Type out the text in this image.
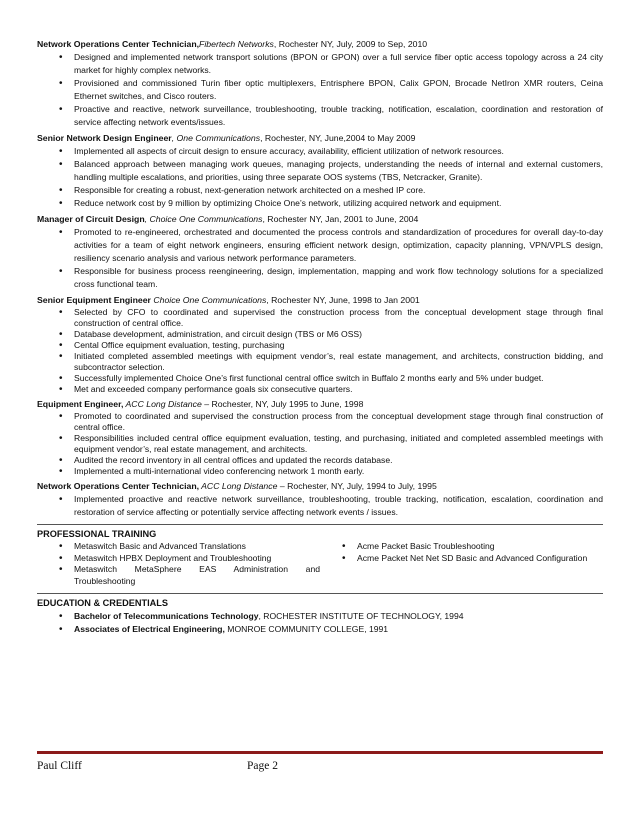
Network Operations Center Technician,Fibertech Networks, Rochester NY, July, 2009 to Sep, 2010

• Designed and implemented network transport solutions (BPON or GPON) over a full service fiber optic access topology across a 24 city market for highly complex networks.
• Provisioned and commissioned Turin fiber optic multiplexers, Entrisphere BPON, Calix GPON, Brocade NetIron XMR routers, Ceina Ethernet switches, and Cisco routers.
• Proactive and reactive, network surveillance, troubleshooting, trouble tracking, notification, escalation, coordination and restoration of service affecting network events/issues.

Senior Network Design Engineer, One Communications, Rochester, NY, June,2004 to May 2009

• Implemented all aspects of circuit design to ensure accuracy, availability, efficient utilization of network resources.
• Balanced approach between managing work queues, managing projects, understanding the needs of internal and external customers, handling multiple escalations, and priorities, using three separate OOS systems (TBS, Netcracker, Granite).
• Responsible for creating a robust, next-generation network architected on a meshed IP core.
• Reduce network cost by 9 million by optimizing Choice One’s network, utilizing acquired network and equipment.

Manager of Circuit Design, Choice One Communications, Rochester NY, Jan, 2001 to June, 2004

• Promoted to re-engineered, orchestrated and documented the process controls and standardization of procedures for overall day-to-day activities for a team of eight network engineers, ensuring efficient network design, optimization, capacity planning, VPN/VPLS design, resiliency scenario analysis and various network performance parameters.
• Responsible for business process reengineering, design, implementation, mapping and work flow technology solutions for a specialized cross functional team.

Senior Equipment Engineer Choice One Communications, Rochester NY, June, 1998 to Jan 2001

• Selected by CFO to coordinated and supervised the construction process from the conceptual development stage through final construction of central office.
• Database development, administration, and circuit design (TBS or M6 OSS)
• Cental Office equipment evaluation, testing, purchasing
• Initiated completed assembled meetings with equipment vendor’s, real estate management, and architects, construction bidding, and subcontractor selection.
• Successfully implemented Choice One’s first functional central office switch in Buffalo 2 months early and 5% under budget.
• Met and exceeded company performance goals six consecutive quarters.

Equipment Engineer, ACC Long Distance – Rochester, NY, July 1995 to June, 1998

• Promoted to coordinated and supervised the construction process from the conceptual development stage through final construction of central office.
• Responsibilities included central office equipment evaluation, testing, and purchasing, initiated and completed assembled meetings with equipment vendor’s, real estate management, and architects.
• Audited the record inventory in all central offices and updated the records database.
• Implemented a multi-international video conferencing network 1 month early.

Network Operations Center Technician, ACC Long Distance – Rochester, NY, July, 1994 to July, 1995

• Implemented proactive and reactive network surveillance, troubleshooting, trouble tracking, notification, escalation, coordination and restoration of service affecting or potentially service affecting network events / issues.
PROFESSIONAL TRAINING
• Metaswitch Basic and Advanced Translations
• Metaswitch HPBX Deployment and Troubleshooting
• Metaswitch MetaSphere EAS Administration and Troubleshooting
• Acme Packet Basic Troubleshooting
• Acme Packet Net Net SD Basic and Advanced Configuration
EDUCATION & CREDENTIALS
• Bachelor of Telecommunications Technology, ROCHESTER INSTITUTE OF TECHNOLOGY, 1994
• Associates of Electrical Engineering, MONROE COMMUNITY COLLEGE, 1991
Paul Cliff	Page 2
